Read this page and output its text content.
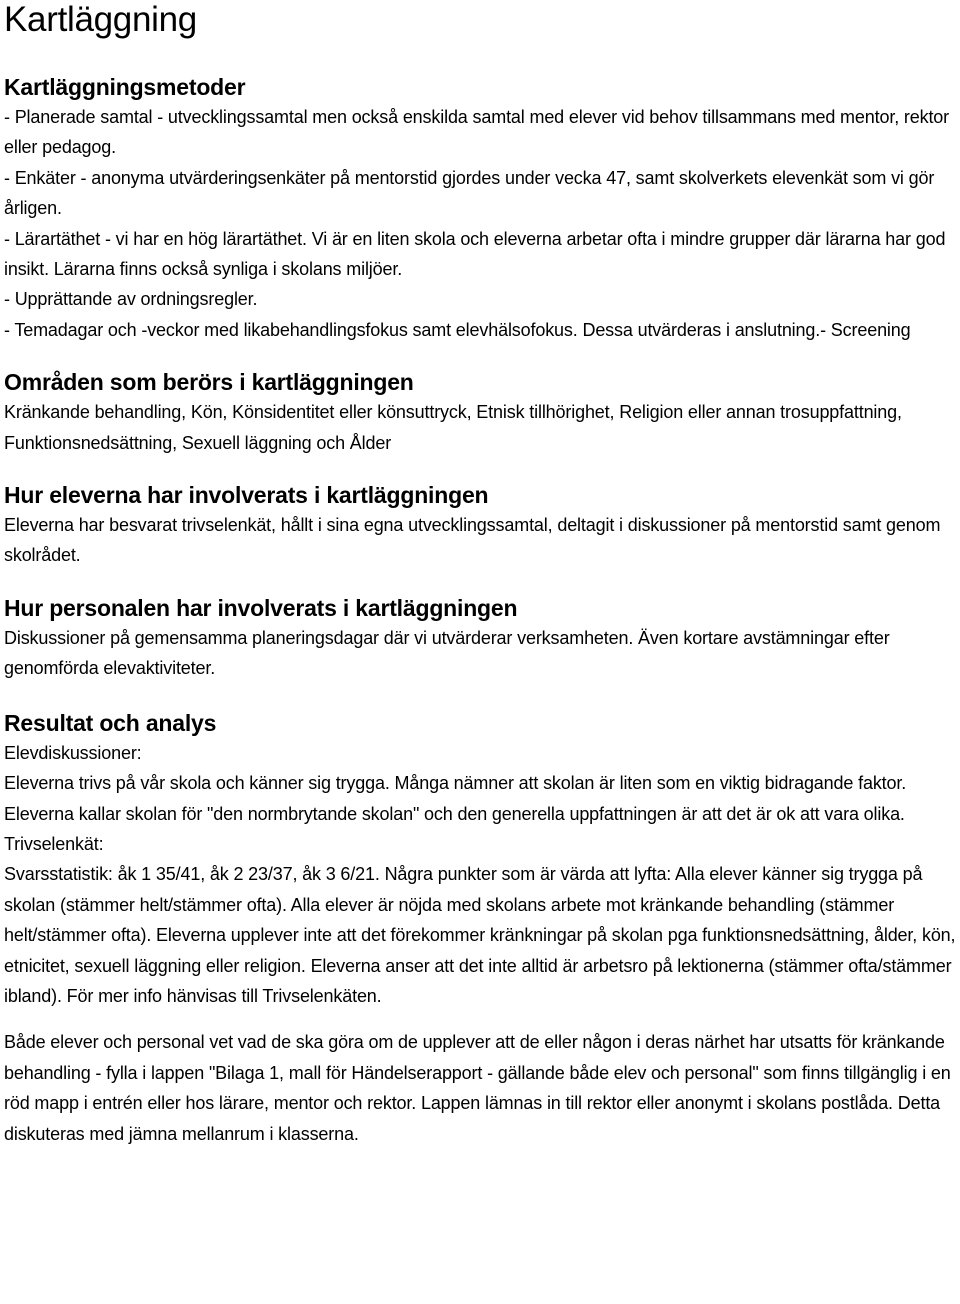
Kartläggning
Kartläggningsmetoder

- Planerade samtal - utvecklingssamtal men också enskilda samtal med elever vid behov tillsammans med mentor, rektor eller pedagog.

- Enkäter - anonyma utvärderingsenkäter på mentorstid gjordes under vecka 47, samt skolverkets elevenkät som vi gör årligen.

- Lärartäthet - vi har en hög lärartäthet. Vi är en liten skola och eleverna arbetar ofta i mindre grupper där lärarna har god insikt. Lärarna finns också synliga i skolans miljöer.

- Upprättande av ordningsregler.

- Temadagar och -veckor med likabehandlingsfokus samt elevhälsofokus. Dessa utvärderas i anslutning.- Screening

Områden som berörs i kartläggningen

Kränkande behandling, Kön, Könsidentitet eller könsuttryck, Etnisk tillhörighet, Religion eller annan trosuppfattning, Funktionsnedsättning, Sexuell läggning och Ålder

Hur eleverna har involverats i kartläggningen

Eleverna har besvarat trivselenkät, hållt i sina egna utvecklingssamtal, deltagit i diskussioner på mentorstid samt genom skolrådet.

Hur personalen har involverats i kartläggningen

Diskussioner på gemensamma planeringsdagar där vi utvärderar verksamheten. Även kortare avstämningar efter genomförda elevaktiviteter.

Resultat och analys

Elevdiskussioner:

Eleverna trivs på vår skola och känner sig trygga. Många nämner att skolan är liten som en viktig bidragande faktor. Eleverna kallar skolan för "den normbrytande skolan" och den generella uppfattningen är att det är ok att vara olika.

Trivselenkät:

Svarsstatistik: åk 1 35/41, åk 2 23/37, åk 3 6/21. Några punkter som är värda att lyfta: Alla elever känner sig trygga på skolan (stämmer helt/stämmer ofta). Alla elever är nöjda med skolans arbete mot kränkande behandling (stämmer helt/stämmer ofta). Eleverna upplever inte att det förekommer kränkningar på skolan pga funktionsnedsättning, ålder, kön, etnicitet, sexuell läggning eller religion. Eleverna anser att det inte alltid är arbetsro på lektionerna (stämmer ofta/stämmer ibland). För mer info hänvisas till Trivselenkäten.

Både elever och personal vet vad de ska göra om de upplever att de eller någon i deras närhet har utsatts för kränkande behandling - fylla i lappen "Bilaga 1, mall för Händelserapport - gällande både elev och personal" som finns tillgänglig i en röd mapp i entrén eller hos lärare, mentor och rektor. Lappen lämnas in till rektor eller anonymt i skolans postlåda. Detta diskuteras med jämna mellanrum i klasserna.
